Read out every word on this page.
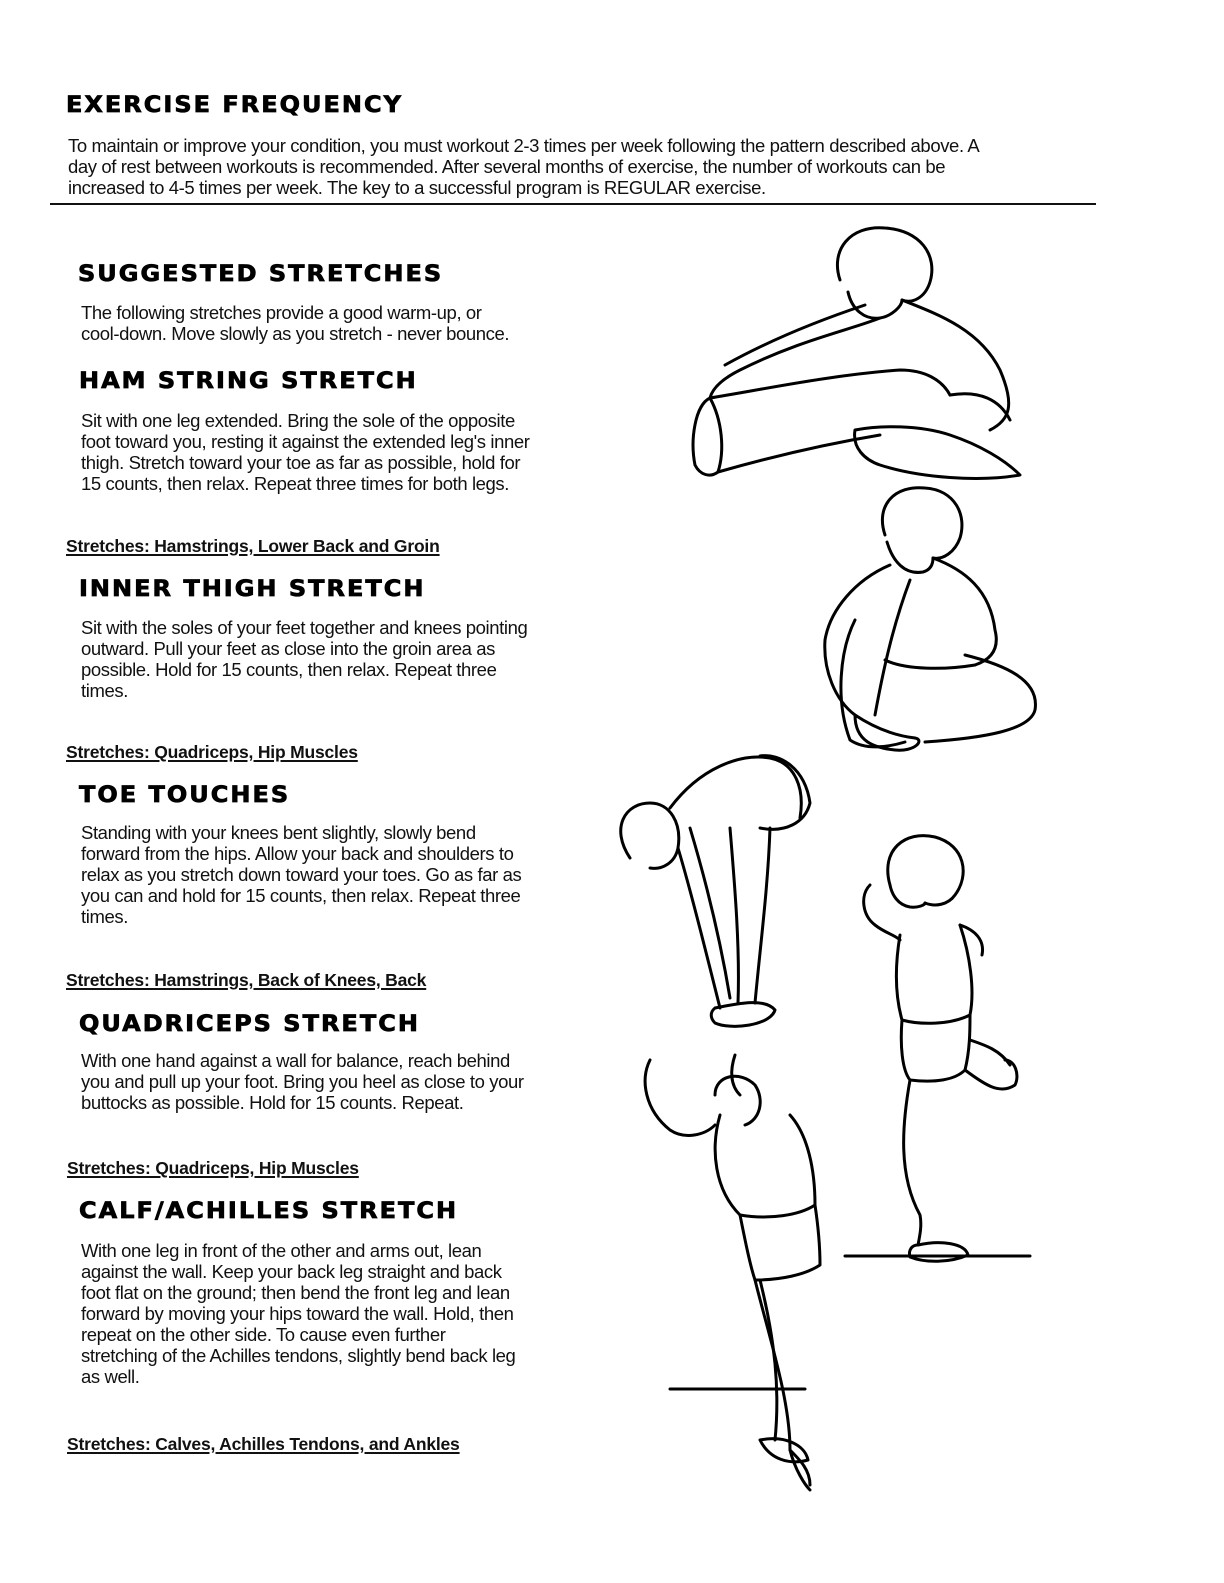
EXERCISE FREQUENCY
To maintain or improve your condition, you must workout 2-3 times per week following the pattern described above. A
day of rest between workouts is recommended. After several months of exercise, the number of workouts can be
increased to 4-5 times per week. The key to a successful program is REGULAR exercise.
SUGGESTED STRETCHES
The following stretches provide a good warm-up, or
cool-down. Move slowly as you stretch - never bounce.
HAM STRING STRETCH
Sit with one leg extended. Bring the sole of the opposite
foot toward you, resting it against the extended leg's inner
thigh. Stretch toward your toe as far as possible, hold for
15 counts, then relax. Repeat three times for both legs.
Stretches: Hamstrings, Lower Back and Groin
INNER THIGH STRETCH
Sit with the soles of your feet together and knees pointing
outward. Pull your feet as close into the groin area as
possible. Hold for 15 counts, then relax. Repeat three
times.
Stretches: Quadriceps, Hip Muscles
TOE TOUCHES
Standing with your knees bent slightly, slowly bend
forward from the hips. Allow your back and shoulders to
relax as you stretch down toward your toes. Go as far as
you can and hold for 15 counts, then relax. Repeat three
times.
Stretches: Hamstrings, Back of Knees, Back
QUADRICEPS STRETCH
With one hand against a wall for balance, reach behind
you and pull up your foot. Bring you heel as close to your
buttocks as possible. Hold for 15 counts. Repeat.
Stretches: Quadriceps, Hip Muscles
CALF/ACHILLES STRETCH
With one leg in front of the other and arms out, lean
against the wall. Keep your back leg straight and back
foot flat on the ground; then bend the front leg and lean
forward by moving your hips toward the wall. Hold, then
repeat on the other side. To cause even further
stretching of the Achilles tendons, slightly bend back leg
as well.
Stretches: Calves, Achilles Tendons, and Ankles
